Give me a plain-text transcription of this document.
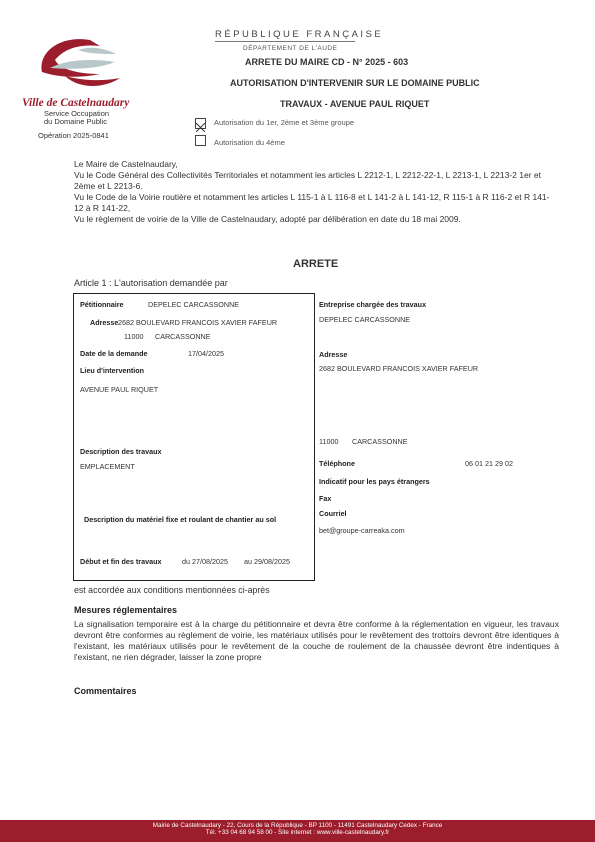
Ville de Castelnaudary
Service Occupation
du Domaine Public
Opération 2025-0841
RÉPUBLIQUE FRANÇAISE
DÉPARTEMENT DE L'AUDE
ARRETE DU MAIRE CD - N° 2025 - 603
AUTORISATION D'INTERVENIR SUR LE DOMAINE PUBLIC
TRAVAUX - AVENUE PAUL RIQUET
Autorisation du 1er, 2ème et 3ème groupe
Autorisation du 4ème
Le Maire de Castelnaudary,
Vu le Code Général des Collectivités Territoriales et notamment les articles L 2212-1, L 2212-22-1, L 2213-1, L 2213-2 1er et 2ème et L 2213-6.
Vu le Code de la Voirie routière et notamment les articles L 115-1 à L 116-8 et L 141-2 à L 141-12, R 115-1 à R 116-2 et R 141-12 à R 141-22,
Vu le règlement de voirie de la Ville de Castelnaudary, adopté par délibération en date du 18 mai 2009.
ARRETE
Article 1 : L'autorisation demandée par
Pétitionnaire	DEPELEC CARCASSONNE
Adresse 2682 BOULEVARD FRANCOIS XAVIER FAFEUR
11000 CARCASSONNE
Date de la demande	17/04/2025
Lieu d'intervention
AVENUE PAUL RIQUET
Description des travaux
EMPLACEMENT
Description du matériel fixe et roulant de chantier au sol
Début et fin des travaux	du 27/08/2025 au 29/08/2025
Entreprise chargée des travaux
DEPELEC CARCASSONNE
Adresse
2682 BOULEVARD FRANCOIS XAVIER FAFEUR
11000 CARCASSONNE
Téléphone	06 01 21 29 02
Indicatif pour les pays étrangers
Fax
Courriel
bet@groupe-carreaka.com
est accordée aux conditions mentionnées ci-après
Mesures réglementaires
La signalisation temporaire est à la charge du pétitionnaire et devra être conforme à la réglementation en vigueur, les travaux devront être conformes au règlement de voirie, les matériaux utilisés pour le revêtement des trottoirs devront être identiques à l'existant, les matériaux utilisés pour le revêtement de la couche de roulement de la chaussée devront être indentiques à l'existant, ne rien dégrader, laisser la zone propre
Commentaires
Mairie de Castelnaudary - 22, Cours de la République - BP 1100 - 11491 Castelnaudary Cedex - France
Tél. +33 04 68 94 58 00 - Site internet : www.ville-castelnaudary.fr
